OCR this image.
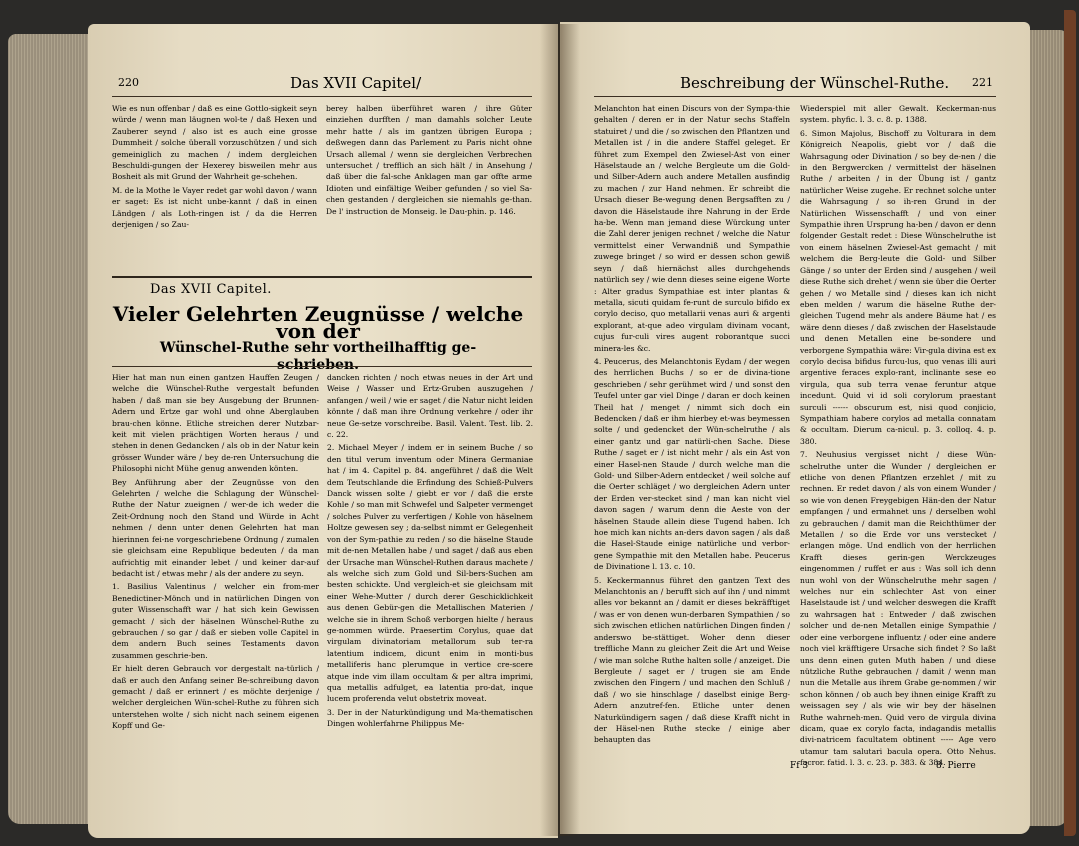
220	Das XVII Capitel/

Wie es nun offenbar / daß es eine Gottlo-sigkeit seyn würde / wenn man läugnen wol-te / daß Hexen und Zauberer seynd / also ist es auch eine grosse Dummheit / solche überall vorzuschützen / und sich gemeiniglich zu machen / indem dergleichen Beschuldi-gungen der Hexerey bisweilen mehr aus Bosheit als mit Grund der Wahrheit ge-schehen.

M. de la Mothe le Vayer redet gar wohl davon / wann er saget: Es ist nicht unbe-kannt / daß in einen Ländgen / als Loth-ringen ist / da die Herren derjenigen / so Zau-

berey halben überführet waren / ihre Güter einziehen durfften / man damahls solcher Leute mehr hatte / als im gantzen übrigen Europa ; deßwegen dann das Parlement zu Paris nicht ohne Ursach allemal / wenn sie dergleichen Verbrechen untersuchet / trefflich an sich hält / in Ansehung / daß über die fal-sche Anklagen man gar offte arme Idioten und einfältige Weiber gefunden / so viel Sa-chen gestanden / dergleichen sie niemahls ge-than. De l' instruction de Monseig. le Dau-phin. p. 146.

Das XVII Capitel.
Vieler Gelehrten Zeugnüsse / welche von der
Wünschel-Ruthe sehr vortheilhafftig ge-
schrieben.

Hier hat man nun einen gantzen Hauffen Zeugen / welche die Wünschel-Ruthe vergestalt befunden haben / daß man sie bey Ausgebung der Brunnen-Adern und Ertze gar wohl und ohne Aberglauben brau-chen könne. Etliche streichen derer Nutzbar-keit mit vielen prächtigen Worten heraus / und stehen in denen Gedancken / als ob in der Natur kein grösser Wunder wäre / bey de-ren Untersuchung die Philosophi nicht Mühe genug anwenden könten.

Bey Anführung aber der Zeugnüsse von den Gelehrten / welche die Schlagung der Wünschel-Ruthe der Natur zueignen / wer-de ich weder die Zeit-Ordnung noch den Stand und Würde in Acht nehmen / denn unter denen Gelehrten hat man hierinnen fei-ne vorgeschriebene Ordnung / zumalen sie gleichsam eine Republique bedeuten / da man aufrichtig mit einander lebet / und keiner dar-auf bedacht ist / etwas mehr / als der andere zu seyn.

1. Basilius Valentinus / welcher ein from-mer Benedictiner-Mönch und in natürlichen Dingen von guter Wissenschafft war / hat sich kein Gewissen gemacht / sich der häselnen Wünschel-Ruthe zu gebrauchen / so gar / daß er sieben volle Capitel in dem andern Buch seines Testaments davon zusammen geschrie-ben.

Er hielt deren Gebrauch vor dergestalt na-türlich / daß er auch den Anfang seiner Be-schreibung davon gemacht / daß er erinnert / es möchte derjenige / welcher dergleichen Wün-schel-Ruthe zu führen sich unterstehen wolte / sich nicht nach seinem eigenen Kopff und Ge-

dancken richten / noch etwas neues in der Art und Weise / Wasser und Ertz-Gruben auszugehen / anfangen / weil / wie er saget / die Natur nicht leiden könnte / daß man ihre Ordnung verkehre / oder ihr neue Ge-setze vorschreibe. Basil. Valent. Test. lib. 2. c. 22.

2. Michael Meyer / indem er in seinem Buche / so den titul verum inventum oder Minera Germaniae hat / im 4. Capitel p. 84. angeführet / daß die Welt dem Teutschlande die Erfindung des Schieß-Pulvers Danck wissen solte / giebt er vor / daß die erste Kohle / so man mit Schwefel und Salpeter vermenget / solches Pulver zu verfertigen / Kohle von häselnem Holtze gewesen sey ; da-selbst nimmt er Gelegenheit von der Sym-pathie zu reden / so die häselne Staude mit de-nen Metallen habe / und saget / daß aus eben der Ursache man Wünschel-Ruthen daraus machete / als welche sich zum Gold und Sil-bers-Suchen am besten schickte. Und vergleich-et sie gleichsam mit einer Wehe-Mutter / durch derer Geschicklichkeit aus denen Gebür-gen die Metallischen Materien / welche sie in ihrem Schoß verborgen hielte / heraus ge-nommen würde. Praesertim Corylus, quae dat virgulam divinatoriam metallorum sub ter-ra latentium indicem, dicunt enim in monti-bus metalliferis hanc plerumque in vertice cre-scere atque inde vim illam occultam & per altra imprimi, qua metallis adfulget, ea latentia pro-dat, inque lucem proferenda velut obstetrix moveat.

3. Der in der Naturkündigung und Ma-thematischen Dingen wohlerfahrne Philippus Me-

Beschreibung der Wünschel-Ruthe. 221

Melanchton hat einen Discurs von der Sympa-thie gehalten / deren er in der Natur sechs Staffeln statuiret / und die / so zwischen den Pflantzen und Metallen ist / in die andere Staffel geleget. Er führet zum Exempel den Zwiesel-Ast von einer Häselstaude an / welche Bergleute um die Gold- und Silber-Adern auch andere Metallen ausfindig zu machen / zur Hand nehmen. Er schreibt die Ursach dieser Be-wegung denen Bergsafften zu / davon die Häselstaude ihre Nahrung in der Erde ha-be. Wenn man jemand diese Würckung unter die Zahl derer jenigen rechnet / welche die Natur vermittelst einer Verwandniß und Sympathie zuwege bringet / so wird er dessen schon gewiß seyn / daß hiernächst alles durchgehends natürlich sey / wie denn dieses seine eigene Worte : Alter gradus Sympathiae est inter plantas & metalla, sicuti quidam fe-runt de surculo bifido ex corylo deciso, quo metallarii venas auri & argenti explorant, at-que adeo virgulam divinam vocant, cujus fur-culi vires augent roborantque succi minera-les &c.

4. Peucerus, des Melanchtonis Eydam / der wegen des herrlichen Buchs / so er de divina-tione geschrieben / sehr gerühmet wird / und sonst den Teufel unter gar viel Dinge / daran er doch keinen Theil hat / menget / nimmt sich doch ein Bedencken / daß er ihm hierbey et-was beymessen solte / und gedencket der Wün-schelruthe / als einer gantz und gar natürli-chen Sache. Diese Ruthe / saget er / ist nicht mehr / als ein Ast von einer Hasel-nen Staude / durch welche man die Gold- und Silber-Adern entdecket / weil solche auf die Oerter schläget / wo dergleichen Adern unter der Erden ver-stecket sind / man kan nicht viel davon sagen / warum denn die Aeste von der häselnen Staude allein diese Tugend haben. Ich hoe mich kan nichts an-ders davon sagen / als daß die Hasel-Staude einige natürliche und verbor-gene Sympathie mit den Metallen habe. Peucerus de Divinatione l. 13. c. 10.

5. Keckermannus führet den gantzen Text des Melanchtonis an / berufft sich auf ihn / und nimmt alles vor bekannt an / damit er dieses bekräfftiget / was er von denen wun-derbaren Sympathien / so sich zwischen etlichen natürlichen Dingen finden / anderswo be-stättiget. Woher denn dieser treffliche Mann zu gleicher Zeit die Art und Weise / wie man solche Ruthe halten solle / anzeiget. Die Bergleute / saget er / trugen sie am Ende zwischen den Fingern / und machen den Schluß / daß / wo sie hinschlage / daselbst einige Berg-Adern anzutref-fen. Etliche unter denen Naturkündigern sagen / daß diese Krafft nicht in der Häsel-nen Ruthe stecke / einige aber behaupten das

Wiederspiel mit aller Gewalt. Keckerman-nus system. phyfic. l. 3. c. 8. p. 1388.

6. Simon Majolus, Bischoff zu Volturara in dem Königreich Neapolis, giebt vor / daß die Wahrsagung oder Divination / so bey de-nen / die in den Bergwercken / vermittelst der häselnen Ruthe / arbeiten / in der Übung ist / gantz natürlicher Weise zugehe. Er rechnet solche unter die Wahrsagung / so ih-ren Grund in der Natürlichen Wissenschafft / und von einer Sympathie ihren Ursprung ha-ben / davon er denn folgender Gestalt redet : Diese Wünschelruthe ist von einem häselnen Zwiesel-Ast gemacht / mit welchem die Berg-leute die Gold- und Silber Gänge / so unter der Erden sind / ausgehen / weil diese Ruthe sich drehet / wenn sie über die Oerter gehen / wo Metalle sind / dieses kan ich nicht eben melden / warum die häselne Ruthe der-gleichen Tugend mehr als andere Bäume hat / es wäre denn dieses / daß zwischen der Haselstaude und denen Metallen eine be-sondere und verborgene Sympathia wäre: Vir-gula divina est ex corylo decisa bifidus furcu-lus, quo venas illi auri argentive feraces explo-rant, inclinante sese eo virgula, qua sub terra venae feruntur atque incedunt. Quid vi id soli corylorum praestant surculi ------ obscurum est, nisi quod conjicio, Sympathiam habere corylos ad metalla connatam & occultam. Dierum ca-nicul. p. 3. colloq. 4. p. 380.

7. Neuhusius vergisset nicht / diese Wün-schelruthe unter die Wunder / dergleichen er etliche von denen Pflantzen erzehlet / mit zu rechnen. Er redet davon / als von einem Wunder / so wie von denen Freygebigen Hän-den der Natur empfangen / und ermahnet uns / derselben wohl zu gebrauchen / damit man die Reichthümer der Metallen / so die Erde vor uns verstecket / erlangen möge. Und endlich von der herrlichen Krafft dieses gerin-gen Werckzeuges eingenommen / ruffet er aus : Was soll ich denn nun wohl von der Wünschelruthe mehr sagen / welches nur ein schlechter Ast von einer Haselstaude ist / und welcher deswegen die Krafft zu wahrsagen hat : Entweder / daß zwischen solcher und de-nen Metallen einige Sympathie / oder eine verborgene influentz / oder eine andere noch viel kräfftigere Ursache sich findet ? So laßt uns denn einen guten Muth haben / und diese nützliche Ruthe gebrauchen / damit / wenn man nun die Metalle aus ihrem Grabe ge-nommen / wir schon können / ob auch bey ihnen einige Krafft zu weissagen sey / als wie wir bey der häselnen Ruthe wahrneh-men. Quid vero de virgula divina dicam, quae ex corylo facta, indagandis metallis divi-natricem facultatem obtinent ----- Age vero utamur tam salutari bacula opera. Otto Nehus. facror. fatid. l. 3. c. 23. p. 383. & 384.

Ff 3	8. Pierre
